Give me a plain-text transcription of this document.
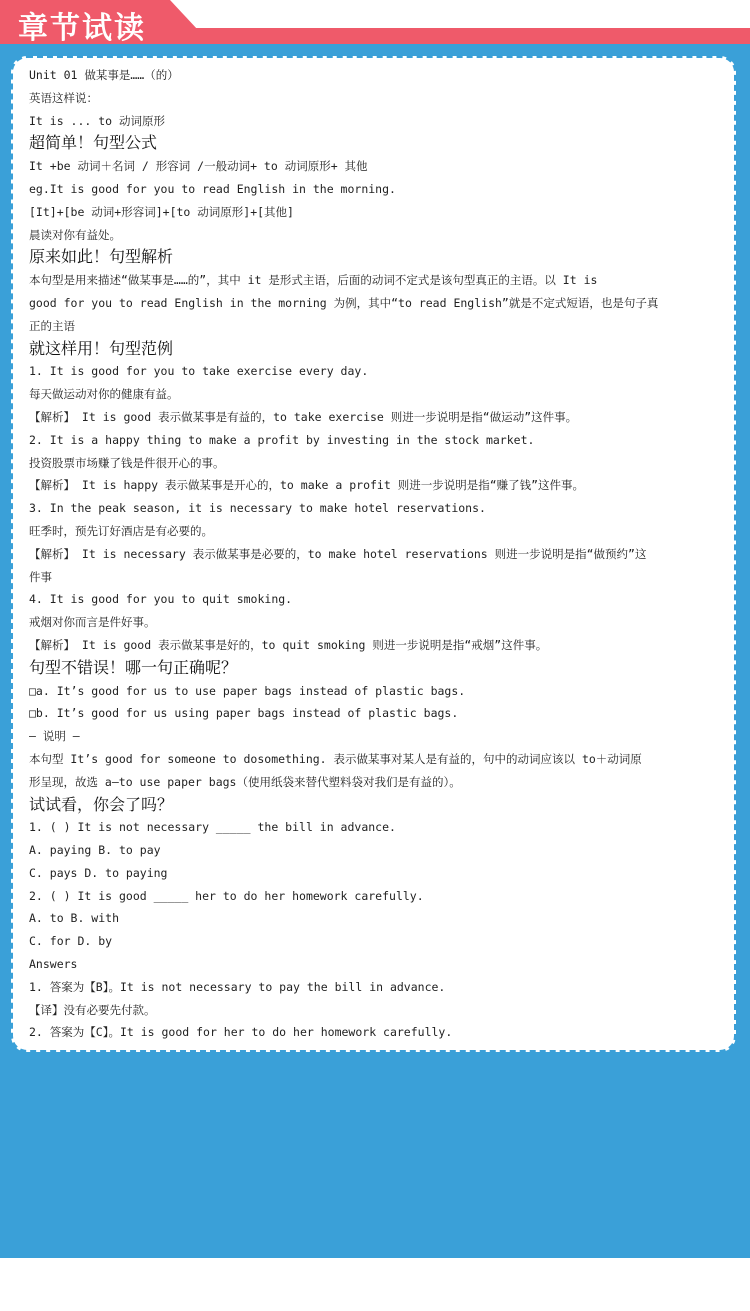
章节试读
Unit 01 做某事是……（的）
英语这样说：
It is ... to 动词原形
超简单！句型公式
It +be 动词＋名词 / 形容词 /一般动词+ to 动词原形+ 其他
eg.It is good for you to read English in the morning.
[It]+[be 动词+形容词]+[to 动词原形]+[其他]
晨读对你有益处。
原来如此！句型解析
本句型是用来描述“做某事是……的”，其中 it 是形式主语，后面的动词不定式是该句型真正的主语。以 It is
good for you to read English in the morning 为例，其中“to read English”就是不定式短语，也是句子真
正的主语
就这样用！句型范例
1. It is good for you to take exercise every day.
每天做运动对你的健康有益。
【解析】 It is good 表示做某事是有益的，to take exercise 则进一步说明是指“做运动”这件事。
2. It is a happy thing to make a profit by investing in the stock market.
投资股票市场赚了钱是件很开心的事。
【解析】 It is happy 表示做某事是开心的，to make a profit 则进一步说明是指“赚了钱”这件事。
3. In the peak season, it is necessary to make hotel reservations.
旺季时，预先订好酒店是有必要的。
【解析】 It is necessary 表示做某事是必要的，to make hotel reservations 则进一步说明是指“做预约”这
件事
4. It is good for you to quit smoking.
戒烟对你而言是件好事。
【解析】 It is good 表示做某事是好的，to quit smoking 则进一步说明是指“戒烟”这件事。
句型不错误！哪一句正确呢？
□a. It’s good for us to use paper bags instead of plastic bags.
□b. It’s good for us using paper bags instead of plastic bags.
— 说明 —
本句型 It’s good for someone to dosomething. 表示做某事对某人是有益的，句中的动词应该以 to＋动词原
形呈现，故选 a—to use paper bags（使用纸袋来替代塑料袋对我们是有益的）。
试试看，你会了吗？
1. ( ) It is not necessary _____ the bill in advance.
A. paying B. to pay
C. pays D. to paying
2. ( ) It is good _____ her to do her homework carefully.
A. to B. with
C. for D. by
Answers
1. 答案为【B】。It is not necessary to pay the bill in advance.
【译】没有必要先付款。
2. 答案为【C】。It is good for her to do her homework carefully.
